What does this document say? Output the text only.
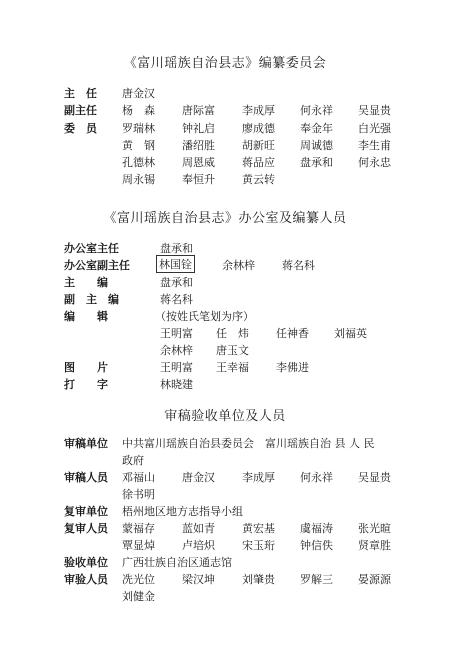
《富川瑶族自治县志》编纂委员会
主　任 唐金汉
副主任 杨　森 唐际富 李成厚 何永祥 吴显贵
委　员 罗瑞林 钟礼启 廖成德 奉金年 白光强
黄　钢 潘绍胜 胡新旺 周诚德 李生甫
孔德林 周恩威 蒋品应 盘承和 何永忠
周永锡 奉恒升 黄云转
《富川瑶族自治县志》办公室及编纂人员
办公室主任	盘承和
办公室副主任	林国铨	余林梓 蒋名科
主　　编	盘承和
副　主　编	蒋名科
编　　辑	（按姓氏笔划为序）
王明富 任　炜 任神香 刘福英
余林梓 唐玉文
图　　片	王明富 王幸福 李佛进
打　　字	林晓建
审稿验收单位及人员
审稿单位 中共富川瑶族自治县委员会　富川瑶族自治 县 人 民
政府
审稿人员 邓福山 唐金汉 李成厚 何永祥 吴显贵
徐书明
复审单位 梧州地区地方志指导小组
复审人员 蒙福存 蓝如青 黄宏基 虞福涛 张光暄
覃显焯 卢培炽 宋玉珩 钟信佚 贤章胜
验收单位 广西壮族自治区通志馆
审验人员 冼光位 梁汉坤 刘肇贵 罗解三 晏源源
刘健金
